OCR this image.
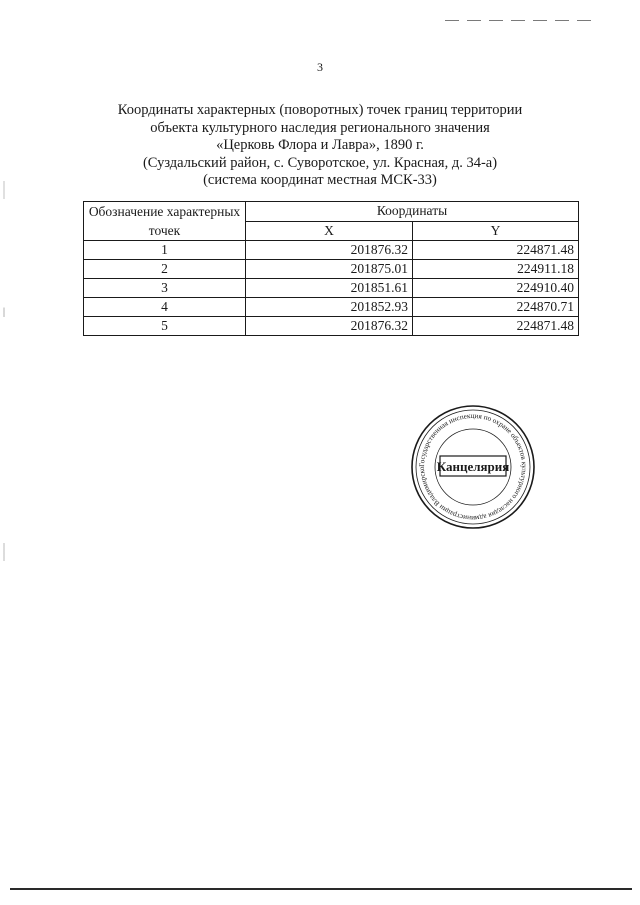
3
Координаты характерных (поворотных) точек границ территории
объекта культурного наследия регионального значения
«Церковь Флора и Лавра», 1890 г.
(Суздальский район, с. Суворотское, ул. Красная, д. 34-а)
(система координат местная МСК-33)
Обозначение характерных точек	Координаты	
	X	Y
1	201876.32	224871.48
2	201875.01	224911.18
3	201851.61	224910.40
4	201852.93	224870.71
5	201876.32	224871.48
Государственная инспекция по охране объектов культурного наследия администрации Владимирско Канцелярия
